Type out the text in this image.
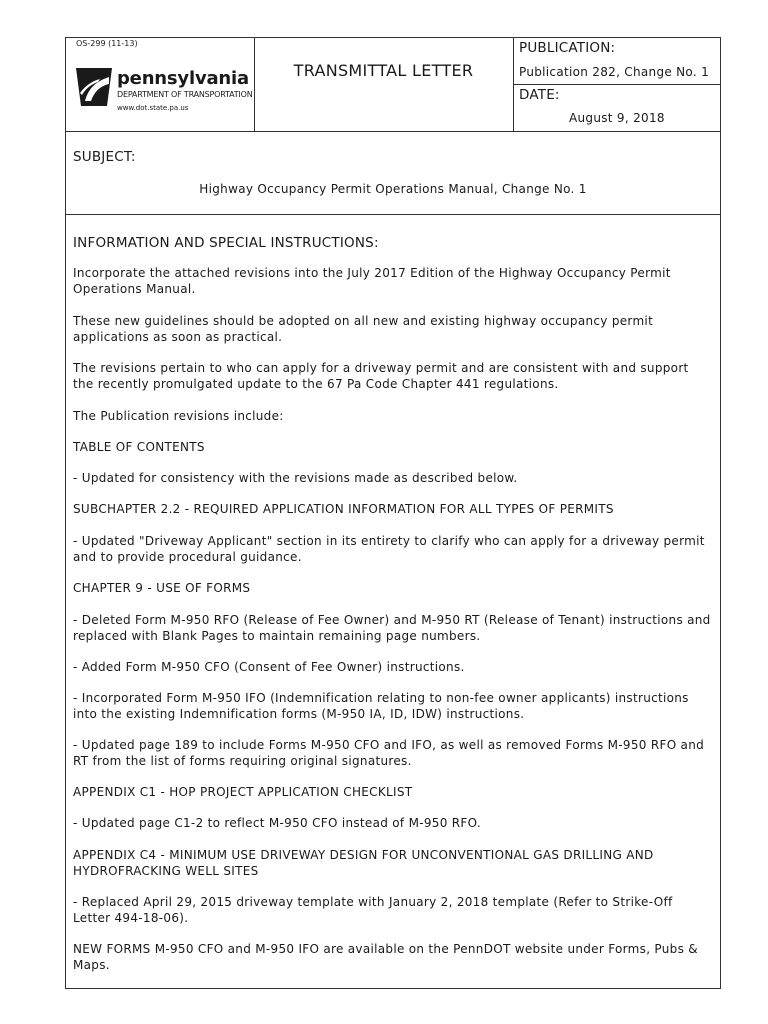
OS-299 (11-13)
pennsylvania
DEPARTMENT OF TRANSPORTATION
www.dot.state.pa.us
TRANSMITTAL LETTER
PUBLICATION:
Publication 282, Change No. 1
DATE:
August 9, 2018
SUBJECT:
Highway Occupancy Permit Operations Manual, Change No. 1
INFORMATION AND SPECIAL INSTRUCTIONS:

Incorporate the attached revisions into the July 2017 Edition of the Highway Occupancy Permit Operations Manual.

These new guidelines should be adopted on all new and existing highway occupancy permit applications as soon as practical.

The revisions pertain to who can apply for a driveway permit and are consistent with and support the recently promulgated update to the 67 Pa Code Chapter 441 regulations.

The Publication revisions include:

TABLE OF CONTENTS

- Updated for consistency with the revisions made as described below.

SUBCHAPTER 2.2 - REQUIRED APPLICATION INFORMATION FOR ALL TYPES OF PERMITS

- Updated "Driveway Applicant" section in its entirety to clarify who can apply for a driveway permit and to provide procedural guidance.

CHAPTER 9 - USE OF FORMS

- Deleted Form M-950 RFO (Release of Fee Owner) and M-950 RT (Release of Tenant) instructions and replaced with Blank Pages to maintain remaining page numbers.

- Added Form M-950 CFO (Consent of Fee Owner) instructions.

- Incorporated Form M-950 IFO (Indemnification relating to non-fee owner applicants) instructions into the existing Indemnification forms (M-950 IA, ID, IDW) instructions.

- Updated page 189 to include Forms M-950 CFO and IFO, as well as removed Forms M-950 RFO and RT from the list of forms requiring original signatures.

APPENDIX C1 - HOP PROJECT APPLICATION CHECKLIST

- Updated page C1-2 to reflect M-950 CFO instead of M-950 RFO.

APPENDIX C4 - MINIMUM USE DRIVEWAY DESIGN FOR UNCONVENTIONAL GAS DRILLING AND HYDROFRACKING WELL SITES

- Replaced April 29, 2015 driveway template with January 2, 2018 template (Refer to Strike-Off Letter 494-18-06).

NEW FORMS M-950 CFO and M-950 IFO are available on the PennDOT website under Forms, Pubs & Maps.
